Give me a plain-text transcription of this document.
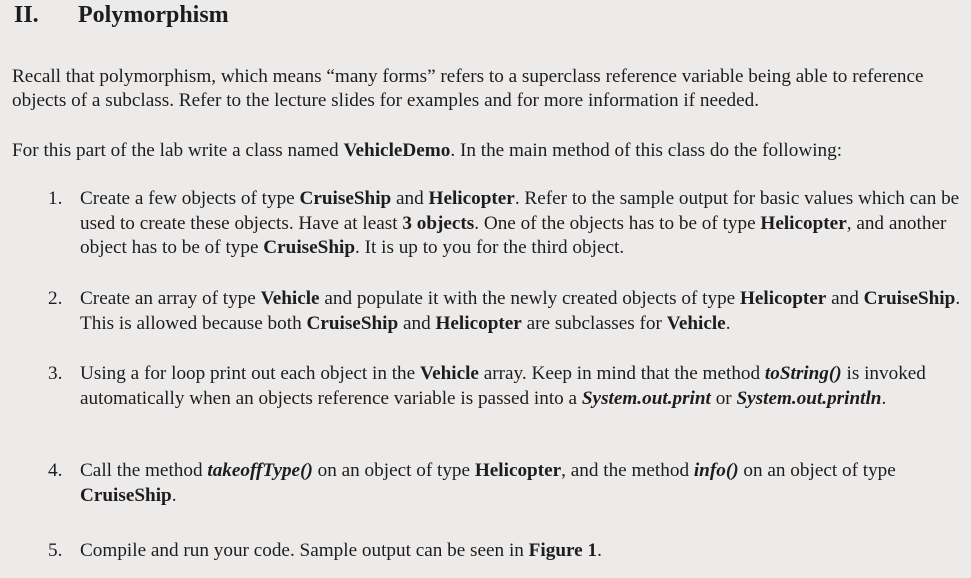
II. Polymorphism
Recall that polymorphism, which means “many forms” refers to a superclass reference variable being able to reference objects of a subclass. Refer to the lecture slides for examples and for more information if needed.
For this part of the lab write a class named VehicleDemo. In the main method of this class do the following:
1. Create a few objects of type CruiseShip and Helicopter. Refer to the sample output for basic values which can be used to create these objects. Have at least 3 objects. One of the objects has to be of type Helicopter, and another object has to be of type CruiseShip. It is up to you for the third object.
2. Create an array of type Vehicle and populate it with the newly created objects of type Helicopter and CruiseShip. This is allowed because both CruiseShip and Helicopter are subclasses for Vehicle.
3. Using a for loop print out each object in the Vehicle array. Keep in mind that the method toString() is invoked automatically when an objects reference variable is passed into a System.out.print or System.out.println.
4. Call the method takeoffType() on an object of type Helicopter, and the method info() on an object of type CruiseShip.
5. Compile and run your code. Sample output can be seen in Figure 1.
